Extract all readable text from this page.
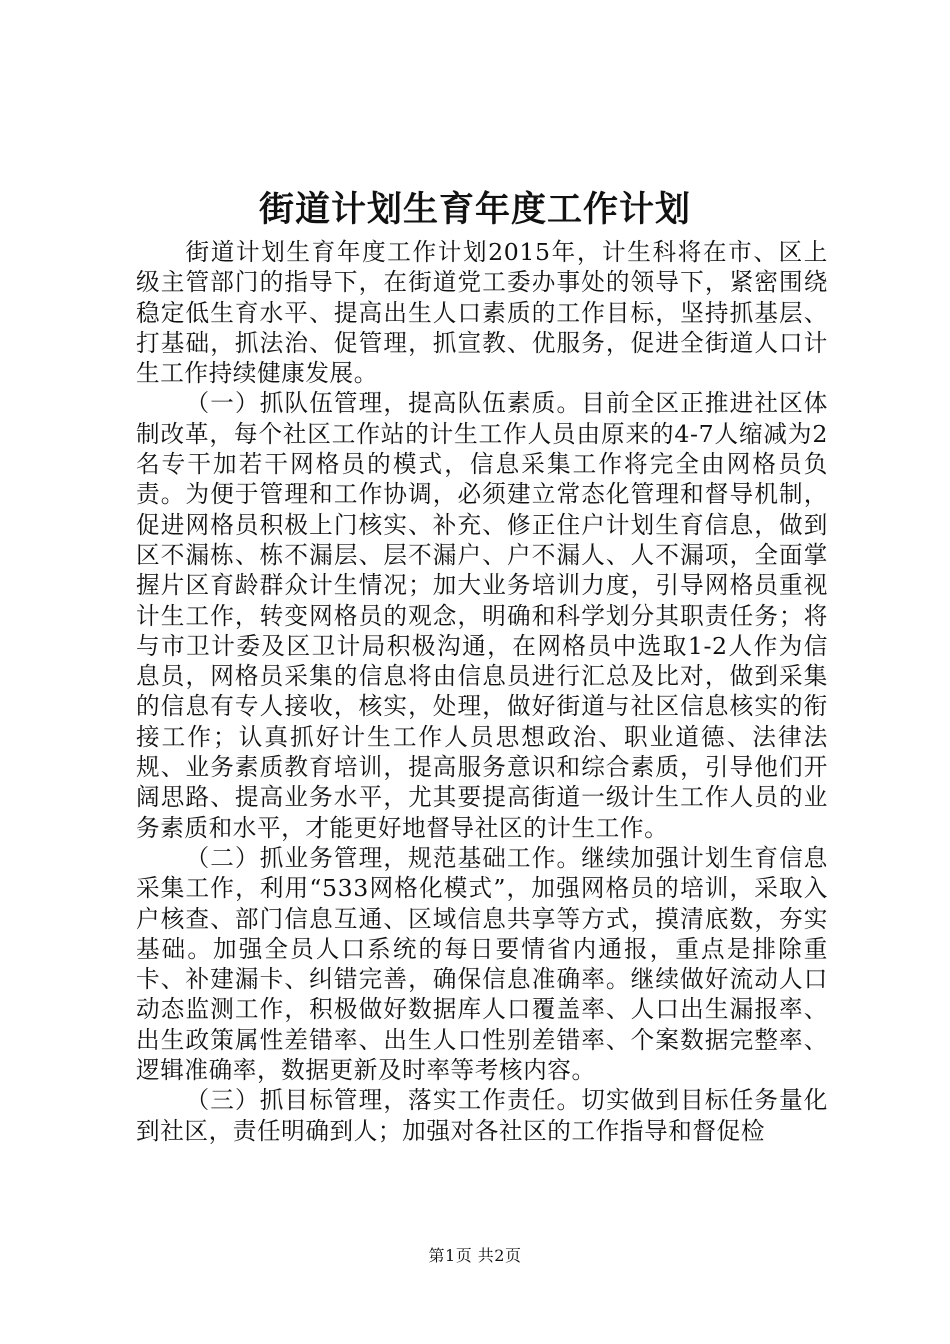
街道计划生育年度工作计划

街道计划生育年度工作计划2015年，计生科将在市、区上级主管部门的指导下，在街道党工委办事处的领导下，紧密围绕稳定低生育水平、提高出生人口素质的工作目标，坚持抓基层、打基础，抓法治、促管理，抓宣教、优服务，促进全街道人口计生工作持续健康发展。

（一）抓队伍管理，提高队伍素质。目前全区正推进社区体制改革，每个社区工作站的计生工作人员由原来的4-7人缩减为2名专干加若干网格员的模式，信息采集工作将完全由网格员负责。为便于管理和工作协调，必须建立常态化管理和督导机制，促进网格员积极上门核实、补充、修正住户计划生育信息，做到区不漏栋、栋不漏层、层不漏户、户不漏人、人不漏项，全面掌握片区育龄群众计生情况；加大业务培训力度，引导网格员重视计生工作，转变网格员的观念，明确和科学划分其职责任务；将与市卫计委及区卫计局积极沟通，在网格员中选取1-2人作为信息员，网格员采集的信息将由信息员进行汇总及比对，做到采集的信息有专人接收，核实，处理，做好街道与社区信息核实的衔接工作；认真抓好计生工作人员思想政治、职业道德、法律法规、业务素质教育培训，提高服务意识和综合素质，引导他们开阔思路、提高业务水平，尤其要提高街道一级计生工作人员的业务素质和水平，才能更好地督导社区的计生工作。

（二）抓业务管理，规范基础工作。继续加强计划生育信息采集工作，利用“533网格化模式”，加强网格员的培训，采取入户核查、部门信息互通、区域信息共享等方式，摸清底数，夯实基础。加强全员人口系统的每日要情省内通报，重点是排除重卡、补建漏卡、纠错完善，确保信息准确率。继续做好流动人口动态监测工作，积极做好数据库人口覆盖率、人口出生漏报率、出生政策属性差错率、出生人口性别差错率、个案数据完整率、逻辑准确率，数据更新及时率等考核内容。

（三）抓目标管理，落实工作责任。切实做到目标任务量化到社区，责任明确到人；加强对各社区的工作指导和督促检

第1页 共2页
